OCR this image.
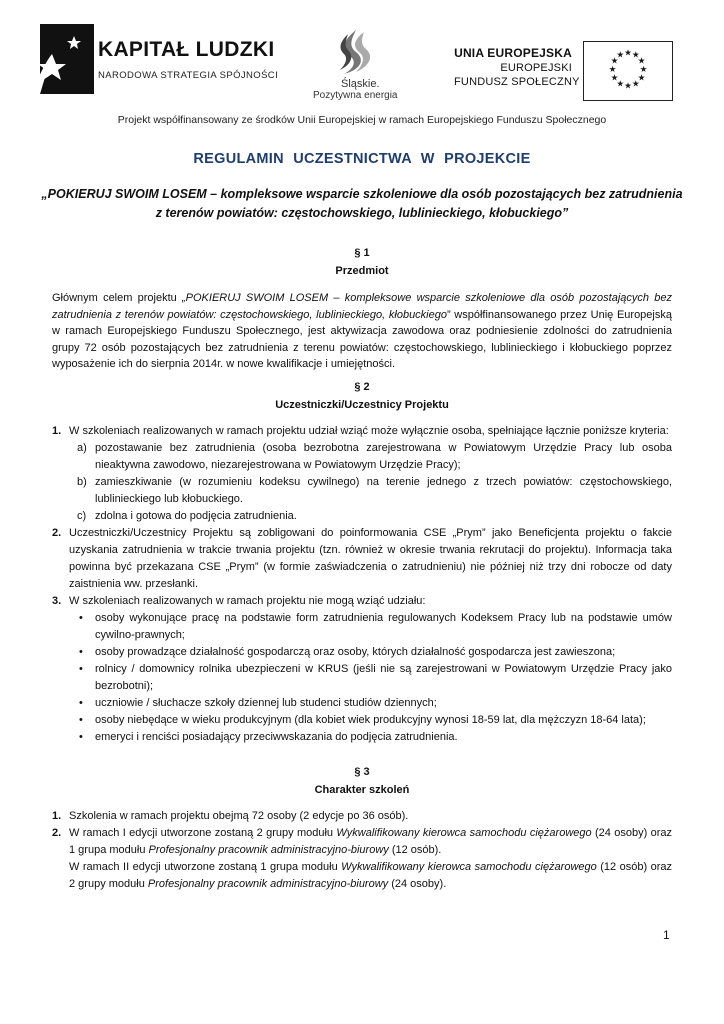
KAPITAŁ LUDZKI
NARODOWA STRATEGIA SPÓJNOŚCI
Śląskie.
Pozytywna energia
UNIA EUROPEJSKA
EUROPEJSKI
FUNDUSZ SPOŁECZNY
★ ★
★
★
★
★
★
★
★
★
★
★
Projekt współfinansowany ze środków Unii Europejskiej w ramach Europejskiego Funduszu Społecznego
REGULAMIN UCZESTNICTWA W PROJEKCIE
„POKIERUJ SWOIM LOSEM – kompleksowe wsparcie szkoleniowe dla osób pozostających bez zatrudnienia
z terenów powiatów: częstochowskiego, lublinieckiego, kłobuckiego”
§ 1
Przedmiot
Głównym celem projektu „POKIERUJ SWOIM LOSEM – kompleksowe wsparcie szkoleniowe dla osób pozostających bez zatrudnienia z terenów powiatów: częstochowskiego, lublinieckiego, kłobuckiego” współfinansowanego przez Unię Europejską w ramach Europejskiego Funduszu Społecznego, jest aktywizacja zawodowa oraz podniesienie zdolności do zatrudnienia grupy 72 osób pozostających bez zatrudnienia z terenu powiatów: częstochowskiego, lublinieckiego i kłobuckiego poprzez wyposażenie ich do sierpnia 2014r. w nowe kwalifikacje i umiejętności.
§ 2
Uczestniczki/Uczestnicy Projektu
1. W szkoleniach realizowanych w ramach projektu udział wziąć może wyłącznie osoba, spełniające łącznie poniższe kryteria:
a) pozostawanie bez zatrudnienia (osoba bezrobotna zarejestrowana w Powiatowym Urzędzie Pracy lub osoba nieaktywna zawodowo, niezarejestrowana w Powiatowym Urzędzie Pracy);
b) zamieszkiwanie (w rozumieniu kodeksu cywilnego) na terenie jednego z trzech powiatów: częstochowskiego, lublinieckiego lub kłobuckiego.
c) zdolna i gotowa do podjęcia zatrudnienia.
2. Uczestniczki/Uczestnicy Projektu są zobligowani do poinformowania CSE „Prym” jako Beneficjenta projektu o fakcie uzyskania zatrudnienia w trakcie trwania projektu (tzn. również w okresie trwania rekrutacji do projektu). Informacja taka powinna być przekazana CSE „Prym” (w formie zaświadczenia o zatrudnieniu) nie później niż trzy dni robocze od daty zaistnienia ww. przesłanki.
3. W szkoleniach realizowanych w ramach projektu nie mogą wziąć udziału:
• osoby wykonujące pracę na podstawie form zatrudnienia regulowanych Kodeksem Pracy lub na podstawie umów cywilno-prawnych;
• osoby prowadzące działalność gospodarczą oraz osoby, których działalność gospodarcza jest zawieszona;
• rolnicy / domownicy rolnika ubezpieczeni w KRUS (jeśli nie są zarejestrowani w Powiatowym Urzędzie Pracy jako bezrobotni);
• uczniowie / słuchacze szkoły dziennej lub studenci studiów dziennych;
• osoby niebędące w wieku produkcyjnym (dla kobiet wiek produkcyjny wynosi 18-59 lat, dla mężczyzn 18-64 lata);
• emeryci i renciści posiadający przeciwwskazania do podjęcia zatrudnienia.
§ 3
Charakter szkoleń
1. Szkolenia w ramach projektu obejmą 72 osoby (2 edycje po 36 osób).
2. W ramach I edycji utworzone zostaną 2 grupy modułu Wykwalifikowany kierowca samochodu ciężarowego (24 osoby) oraz 1 grupa modułu Profesjonalny pracownik administracyjno-biurowy (12 osób).
W ramach II edycji utworzone zostaną 1 grupa modułu Wykwalifikowany kierowca samochodu ciężarowego (12 osób) oraz 2 grupy modułu Profesjonalny pracownik administracyjno-biurowy (24 osoby).
1
